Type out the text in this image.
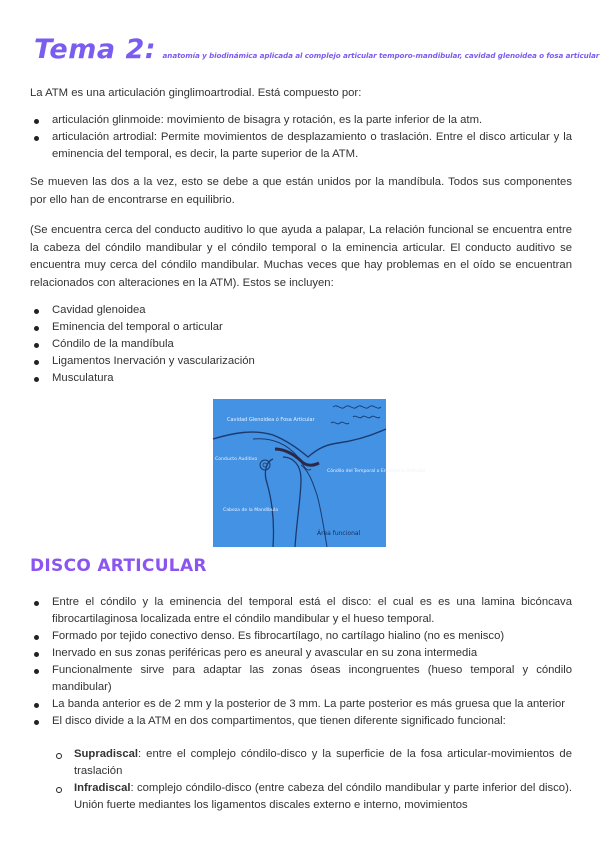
Tema 2: anatomía y biodinámica aplicada al complejo articular temporo-mandibular, cavidad glenoidea o fosa articular

La ATM es una articulación ginglimoartrodial. Está compuesto por:

articulación glinmoide: movimiento de bisagra y rotación, es la parte inferior de la atm.
articulación artrodial: Permite movimientos de desplazamiento o traslación. Entre el disco articular y la eminencia del temporal, es decir, la parte superior de la ATM.

Se mueven las dos a la vez, esto se debe a que están unidos por la mandíbula. Todos sus componentes por ello han de encontrarse en equilibrio.

(Se encuentra cerca del conducto auditivo lo que ayuda a palapar, La relación funcional se encuentra entre la cabeza del cóndilo mandibular y el cóndilo temporal o la eminencia articular. El conducto auditivo se encuentra muy cerca del cóndilo mandibular. Muchas veces que hay problemas en el oído se encuentran relacionados con alteraciones en la ATM). Estos se incluyen:

Cavidad glenoidea
Eminencia del temporal o articular
Cóndilo de la mandíbula
Ligamentos Inervación y vascularización
Musculatura
Cavidad Glenoidea ó Fosa Articular
Conducto Auditivo
Cóndilo del Temporal o Eminencia Articular
Cabeza de la Mandíbula
Área funcional
DISCO ARTICULAR
Entre el cóndilo y la eminencia del temporal está el disco: el cual es es una lamina bicóncava fibrocartilaginosa localizada entre el cóndilo mandibular y el hueso temporal.
Formado por tejido conectivo denso. Es fibrocartílago, no cartílago hialino (no es menisco)
Inervado en sus zonas periféricas pero es aneural y avascular en su zona intermedia
Funcionalmente sirve para adaptar las zonas óseas incongruentes (hueso temporal y cóndilo mandibular)
La banda anterior es de 2 mm y la posterior de 3 mm. La parte posterior es más gruesa que la anterior
El disco divide a la ATM en dos compartimentos, que tienen diferente significado funcional:
Supradiscal: entre el complejo cóndilo-disco y la superficie de la fosa articular-movimientos de traslación
Infradiscal: complejo cóndilo-disco (entre cabeza del cóndilo mandibular y parte inferior del disco). Unión fuerte mediantes los ligamentos discales externo e interno, movimientos
